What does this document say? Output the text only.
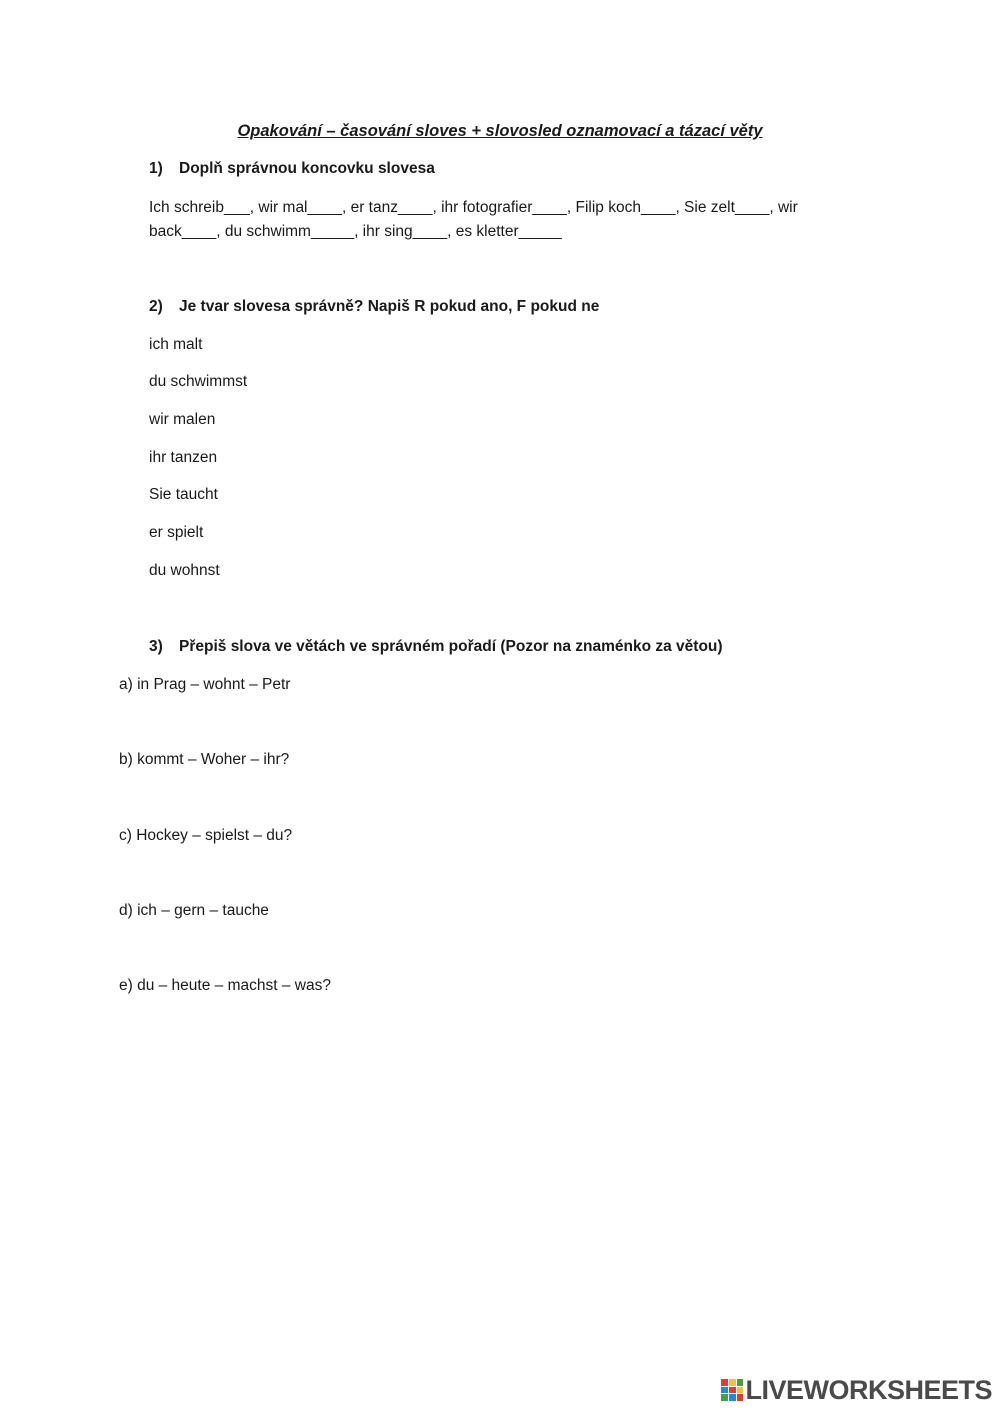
Opakování – časování sloves + slovosled oznamovací a tázací věty

1) Doplň správnou koncovku slovesa

Ich schreib___, wir mal____, er tanz____, ihr fotografier____, Filip koch____, Sie zelt____, wir back____, du schwimm_____, ihr sing____, es kletter_____

2) Je tvar slovesa správně? Napiš R pokud ano, F pokud ne

ich malt

du schwimmst

wir malen

ihr tanzen

Sie taucht

er spielt

du wohnst

3) Přepiš slova ve větách ve správném pořadí (Pozor na znaménko za větou)

a) in Prag – wohnt – Petr

b) kommt – Woher – ihr?

c) Hockey – spielst – du?

d) ich – gern – tauche

e) du – heute – machst – was?

LIVEWORKSHEETS
